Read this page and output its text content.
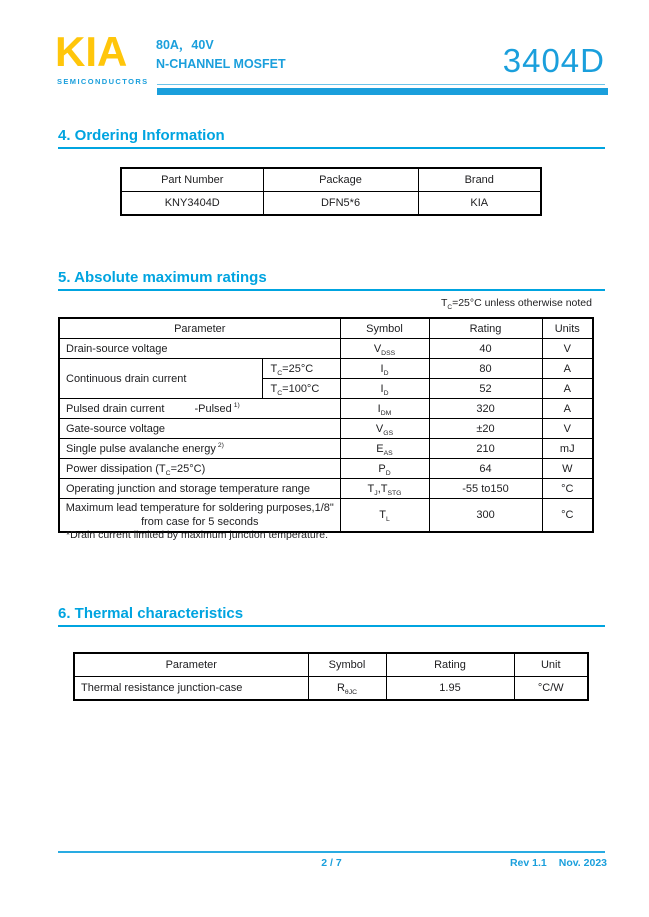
KIA
SEMICONDUCTORS
80A，40V
N-CHANNEL MOSFET	3404D
4. Ordering Information
Part Number	Package	Brand
KNY3404D	DFN5*6	KIA
5. Absolute maximum ratings
$T_C=25^\circ C$ unless otherwise noted
Parameter		Symbol	Rating	Units
Drain-source voltage		$V_{DSS}$	40	V
Continuous drain current	$T_C=25^\circ C$	$I_D$	80	A
	$T_C=100^\circ C$	$I_D$	52	A
Pulsed drain current -Pulsed $^{1)}$		$I_{DM}$	320	A
Gate-source voltage		$V_{GS}$	±20	V
Single pulse avalanche energy $^{2)}$		$E_{AS}$	210	mJ
Power dissipation $(T_C=25^\circ C)$		$P_D$	64	W
Operating junction and storage temperature range		$T_J,T_{STG}$	-55 to150	°C
Maximum lead temperature for soldering purposes,1/8" from case for 5 seconds		$T_L$	300	°C
*Drain current limited by maximum junction temperature.
6. Thermal characteristics
Parameter	Symbol	Rating	Unit
Thermal resistance junction-case	$R_{\theta JC}$	1.95	°C/W
2 / 7	Rev 1.1 Nov. 2023
